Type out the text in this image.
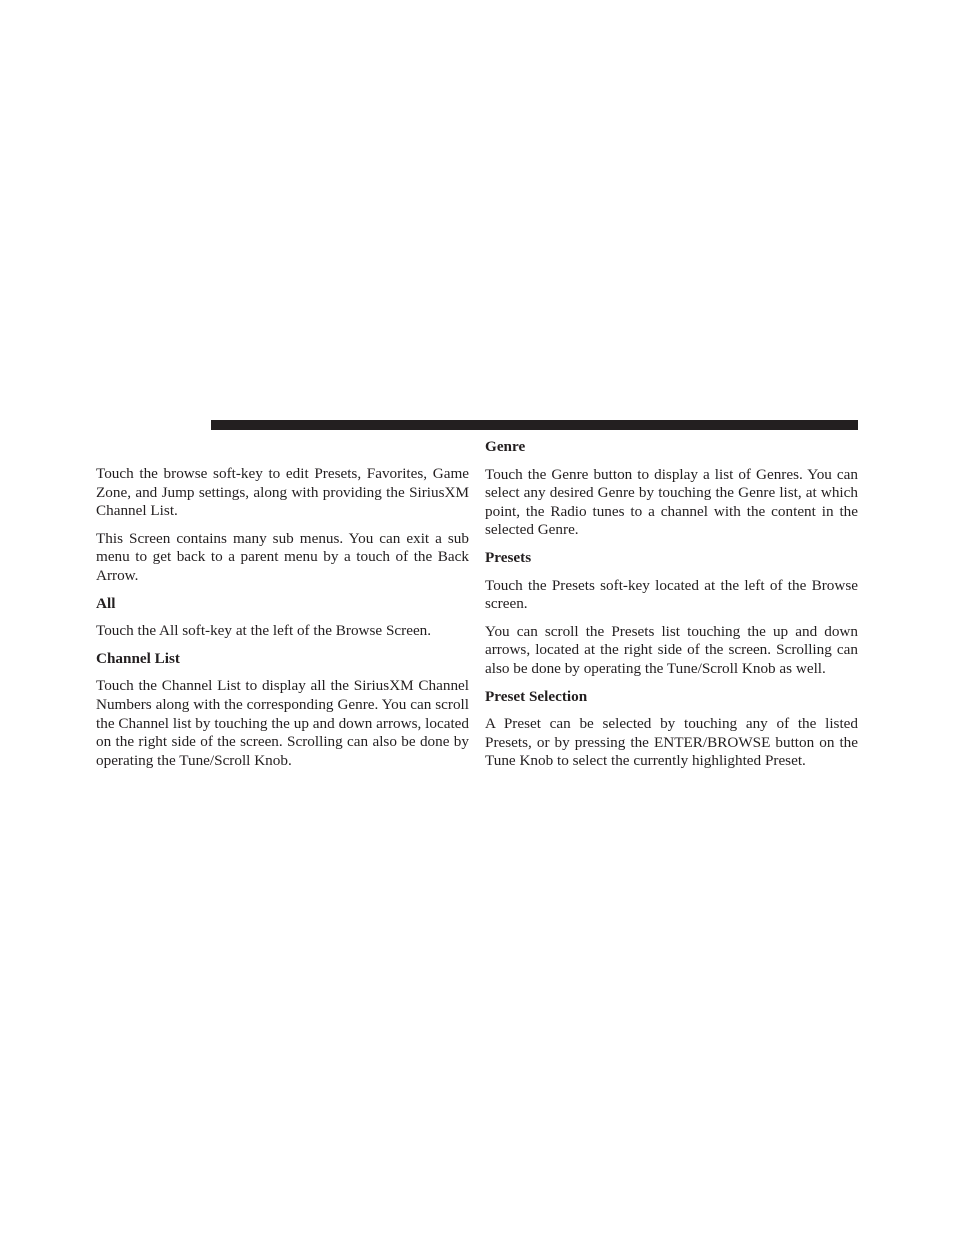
Touch the browse soft-key to edit Presets, Favorites, Game Zone, and Jump settings, along with providing the SiriusXM Channel List.

This Screen contains many sub menus. You can exit a sub menu to get back to a parent menu by a touch of the Back Arrow.

All

Touch the All soft-key at the left of the Browse Screen.

Channel List

Touch the Channel List to display all the SiriusXM Channel Numbers along with the corresponding Genre. You can scroll the Channel list by touching the up and down arrows, located on the right side of the screen. Scrolling can also be done by operating the Tune/Scroll Knob.

Genre

Touch the Genre button to display a list of Genres. You can select any desired Genre by touching the Genre list, at which point, the Radio tunes to a channel with the content in the selected Genre.

Presets

Touch the Presets soft-key located at the left of the Browse screen.

You can scroll the Presets list touching the up and down arrows, located at the right side of the screen. Scrolling can also be done by operating the Tune/Scroll Knob as well.

Preset Selection

A Preset can be selected by touching any of the listed Presets, or by pressing the ENTER/BROWSE button on the Tune Knob to select the currently highlighted Preset.
